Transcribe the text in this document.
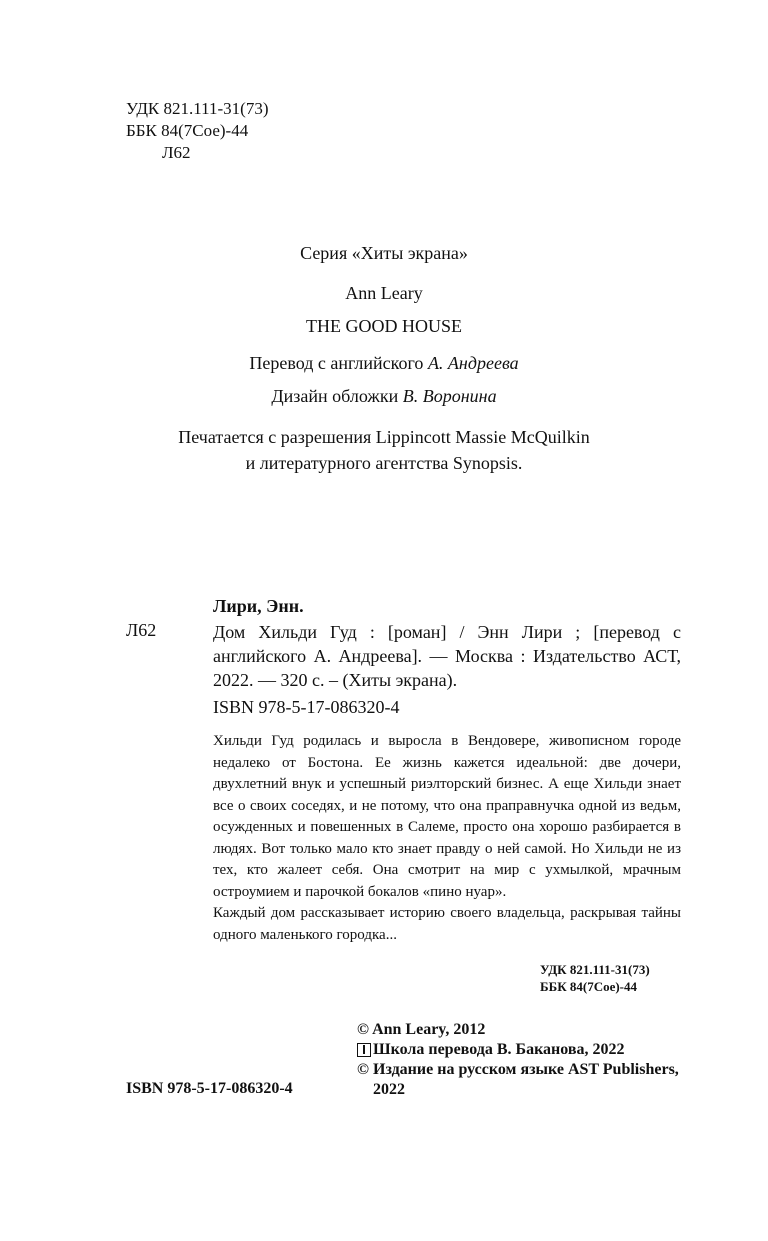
УДК 821.111-31(73)
ББК 84(7Сое)-44
Л62
Серия «Хиты экрана»
Ann Leary
THE GOOD HOUSE
Перевод с английского А. Андреева
Дизайн обложки В. Воронина
Печатается с разрешения Lippincott Massie McQuilkin
и литературного агентства Synopsis.
Лири, Энн.
Л62	Дом Хильди Гуд : [роман] / Энн Лири ; [перевод с английского А. Андреева]. — Москва : Издательство АСТ, 2022. — 320 с. – (Хиты экрана).
ISBN 978-5-17-086320-4

Хильди Гуд родилась и выросла в Вендовере, живописном городе недалеко от Бостона. Ее жизнь кажется идеальной: две дочери, двухлетний внук и успешный риэлторский бизнес. А еще Хильди знает все о своих соседях, и не потому, что она праправнучка одной из ведьм, осужденных и повешенных в Салеме, просто она хорошо разбирается в людях. Вот только мало кто знает правду о ней самой. Но Хильди не из тех, кто жалеет себя. Она смотрит на мир с ухмылкой, мрачным остроумием и парочкой бокалов «пино нуар».

Каждый дом рассказывает историю своего владельца, раскрывая тайны одного маленького городка...

УДК 821.111-31(73)
ББК 84(7Сое)-44
© Ann Leary, 2012
Школа перевода В. Баканова, 2022
© Издание на русском языке AST Publishers, 2022
ISBN 978-5-17-086320-4
